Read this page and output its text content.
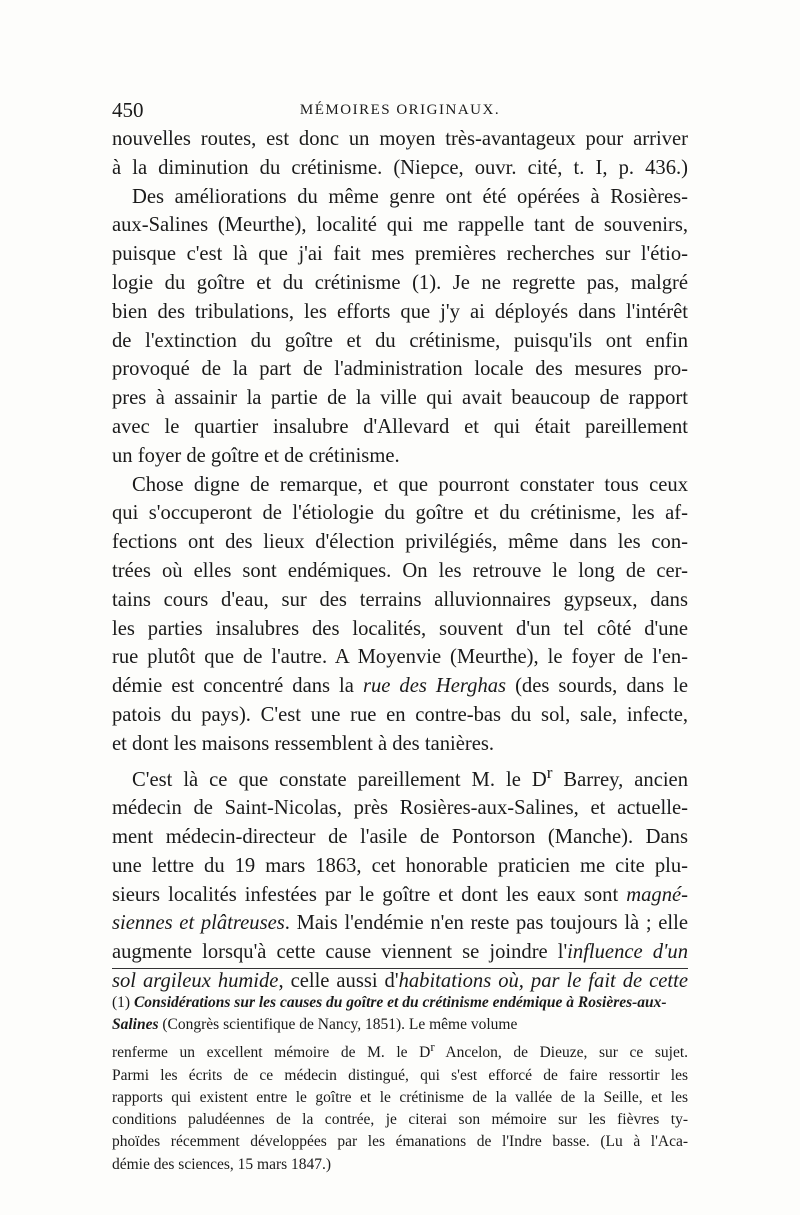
450	MÉMOIRES ORIGINAUX.
nouvelles routes, est donc un moyen très-avantageux pour arriver
à la diminution du crétinisme. (Niepce, ouvr. cité, t. I, p. 436.)
Des améliorations du même genre ont été opérées à Rosières-
aux-Salines (Meurthe), localité qui me rappelle tant de souvenirs,
puisque c'est là que j'ai fait mes premières recherches sur l'étio-
logie du goître et du crétinisme (1). Je ne regrette pas, malgré
bien des tribulations, les efforts que j'y ai déployés dans l'intérêt
de l'extinction du goître et du crétinisme, puisqu'ils ont enfin
provoqué de la part de l'administration locale des mesures pro-
pres à assainir la partie de la ville qui avait beaucoup de rapport
avec le quartier insalubre d'Allevard et qui était pareillement
un foyer de goître et de crétinisme.
Chose digne de remarque, et que pourront constater tous ceux
qui s'occuperont de l'étiologie du goître et du crétinisme, les af-
fections ont des lieux d'élection privilégiés, même dans les con-
trées où elles sont endémiques. On les retrouve le long de cer-
tains cours d'eau, sur des terrains alluvionnaires gypseux, dans
les parties insalubres des localités, souvent d'un tel côté d'une
rue plutôt que de l'autre. A Moyenvie (Meurthe), le foyer de l'en-
démie est concentré dans la rue des Herghas (des sourds, dans le
patois du pays). C'est une rue en contre-bas du sol, sale, infecte,
et dont les maisons ressemblent à des tanières.
C'est là ce que constate pareillement M. le $D^r$ Barrey, ancien
médecin de Saint-Nicolas, près Rosières-aux-Salines, et actuelle-
ment médecin-directeur de l'asile de Pontorson (Manche). Dans
une lettre du 19 mars 1863, cet honorable praticien me cite plu-
sieurs localités infestées par le goître et dont les eaux sont magné-
siennes et plâtreuses. Mais l'endémie n'en reste pas toujours là ; elle
augmente lorsqu'à cette cause viennent se joindre l'influence d'un
sol argileux humide, celle aussi d'habitations où, par le fait de cette
(1) Considérations sur les causes du goître et du crétinisme endémique à Rosières-aux-Salines (Congrès scientifique de Nancy, 1851). Le même volume
renferme un excellent mémoire de M. le $D^r$ Ancelon, de Dieuze, sur ce sujet.
Parmi les écrits de ce médecin distingué, qui s'est efforcé de faire ressortir les
rapports qui existent entre le goître et le crétinisme de la vallée de la Seille, et les
conditions paludéennes de la contrée, je citerai son mémoire sur les fièvres ty-
phoïdes récemment développées par les émanations de l'Indre basse. (Lu à l'Aca-
démie des sciences, 15 mars 1847.)
